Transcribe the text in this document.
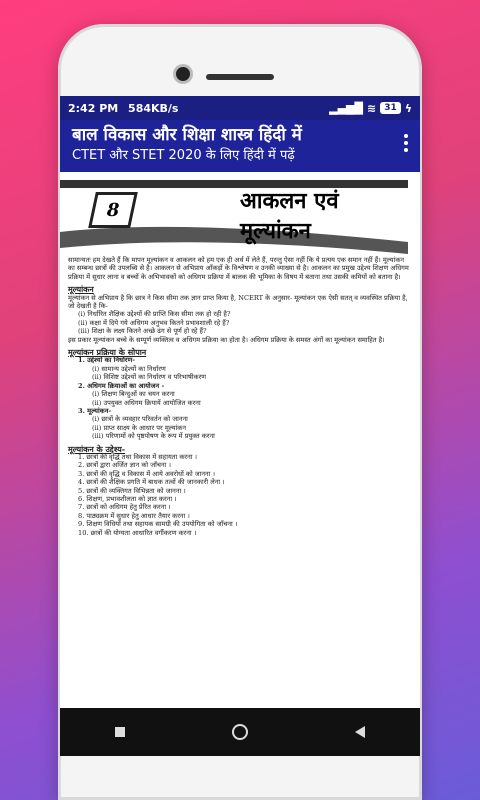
2:42 PM 584KB/s	▂▄▆█ ≋ 31 ϟ
बाल विकास और शिक्षा शास्त्र हिंदी में
CTET और STET 2020 के लिए हिंदी में पढ़ें
8	आकलन एवं
मूल्यांकन
सामान्यतः हम देखते हैं कि मापन मूल्यांकन व आकलन को हम एक ही अर्थ में लेते हैं, परन्तु ऐसा नहीं कि ये प्रत्यय एक समान नहीं हैं। मूल्यांकन का सम्बन्ध छात्रों की उपलब्धि से है। आकलन से अभिप्राय आँकड़ों के विश्लेषण व उनकी व्याख्या से है। आकलन का प्रमुख उद्देश्य शिक्षण अधिगम प्रक्रिया में सुधार लाना व बच्चों के अभिभावकों को अधिगम प्रक्रिया में बालक की भूमिका के विषय में बताना तथा उसकी कमियों को बताना है।
मूल्यांकन
मूल्यांकन से अभिप्राय है कि छात्र ने किस सीमा तक ज्ञान प्राप्त किया है, NCERT के अनुसार- मूल्यांकन एक ऐसी सतत् व व्यवस्थित प्रक्रिया है, जो देखती है कि-
(i) निर्धारित शैक्षिक उद्देश्यों की प्राप्ति किस सीमा तक हो रही है?
(ii) कक्षा में दिये गये अधिगम अनुभव कितने प्रभावशाली रहे हैं?
(iii) शिक्षा के लक्ष्य कितने अच्छे ढंग से पूर्ण हो रहे हैं?
इस प्रकार मूल्यांकन बच्चे के सम्पूर्ण व्यक्तित्व व अधिगम प्रक्रिया का होता है। अधिगम प्रक्रिया के समस्त अंगों का मूल्यांकन समाहित है।
मूल्यांकन प्रक्रिया के सोपान
1. उद्देश्यों का निर्धारण-
(i) सामान्य उद्देश्यों का निर्धारण
(ii) विशिष्ट उद्देश्यों का निर्धारण व परिभाषीकरण
2. अधिगम क्रियाओं का आयोजन -
(i) शिक्षण बिन्दुओं का चयन करना
(ii) उपयुक्त अधिगम क्रियायें आयोजित करना
3. मूल्यांकन-
(i) छात्रों के व्यवहार परिवर्तन को जानना
(ii) प्राप्त साक्ष्य के आधार पर मूल्यांकन
(iii) परिणामों को पृष्ठपोषण के रूप में प्रयुक्त करना
मूल्यांकन के उद्देश्य-
1. छात्रों की वृद्धि तथा विकास में सहायता करना ।
2. छात्रों द्वारा अर्जित ज्ञान को जाँचना ।
3. छात्रों की वृद्धि व विकास में आये अवरोधों को जानना ।
4. छात्रों की शैक्षिक प्रगति में बाधक तत्वों की जानकारी लेना ।
5. छात्रों की व्यक्तिगत विभिन्नता को जानना ।
6. शिक्षण, प्रभावशीलता को ज्ञात करना ।
7. छात्रों को अधिगम हेतु प्रेरित करना ।
8. पाठ्यक्रम में सुधार हेतु आधार तैयार करना ।
9. शिक्षण विधियों तथा सहायक सामग्री की उपयोगिता को जाँचना ।
10. छात्रों की योग्यता आधारित वर्गीकरण करना ।
